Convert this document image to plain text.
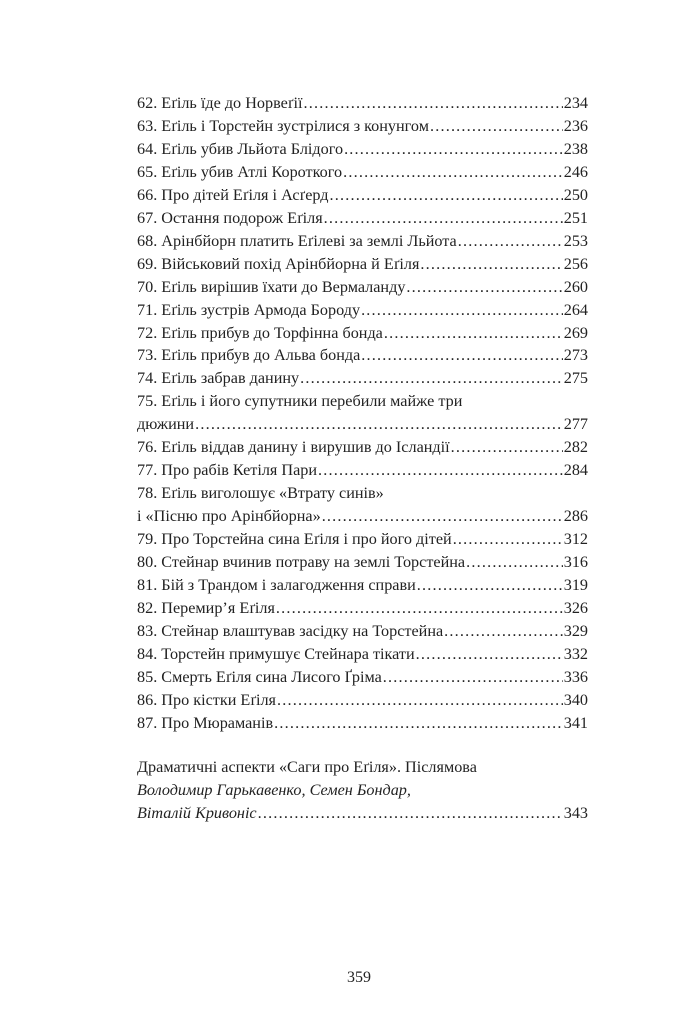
62. Еґіль їде до Норвеґії .....	234
63. Еґіль і Торстейн зустрілися з конунгом .....	236
64. Еґіль убив Льйота Блідого .....	238
65. Еґіль убив Атлі Короткого .....	246
66. Про дітей Еґіля і Асґерд .....	250
67. Остання подорож Еґіля .....	251
68. Арінбйорн платить Еґілеві за землі Льйота .....	253
69. Військовий похід Арінбйорна й Еґіля .....	256
70. Еґіль вирішив їхати до Вермаланду .....	260
71. Еґіль зустрів Армода Бороду .....	264
72. Еґіль прибув до Торфінна бонда .....	269
73. Еґіль прибув до Альва бонда .....	273
74. Еґіль забрав данину .....	275
75. Еґіль і його супутники перебили майже три
дюжини .....	277
76. Еґіль віддав данину і вирушив до Ісландії .....	282
77. Про рабів Кетіля Пари .....	284
78. Еґіль виголошує «Втрату синів»
і «Пісню про Арінбйорна» .....	286
79. Про Торстейна сина Еґіля і про його дітей .....	312
80. Стейнар вчинив потраву на землі Торстейна .....	316
81. Бій з Трандом і залагодження справи .....	319
82. Перемир’я Еґіля .....	326
83. Стейнар влаштував засідку на Торстейна .....	329
84. Торстейн примушує Стейнара тікати .....	332
85. Смерть Еґіля сина Лисого Ґріма .....	336
86. Про кістки Еґіля .....	340
87. Про Мюраманів .....	341
Драматичні аспекти «Саги про Еґіля». Післямова
Володимир Гарькавенко, Семен Бондар,
Віталій Кривоніс .....	343
359
